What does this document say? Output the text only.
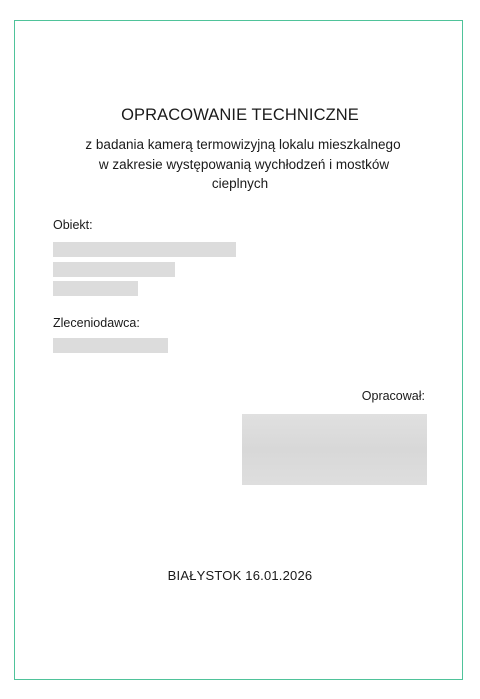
OPRACOWANIE TECHNICZNE
z badania kamerą termowizyjną lokalu mieszkalnego
w zakresie występowanią wychłodzeń i mostków
cieplnych
Obiekt:
Zleceniodawca:
Opracował:
BIAŁYSTOK 16.01.2026
